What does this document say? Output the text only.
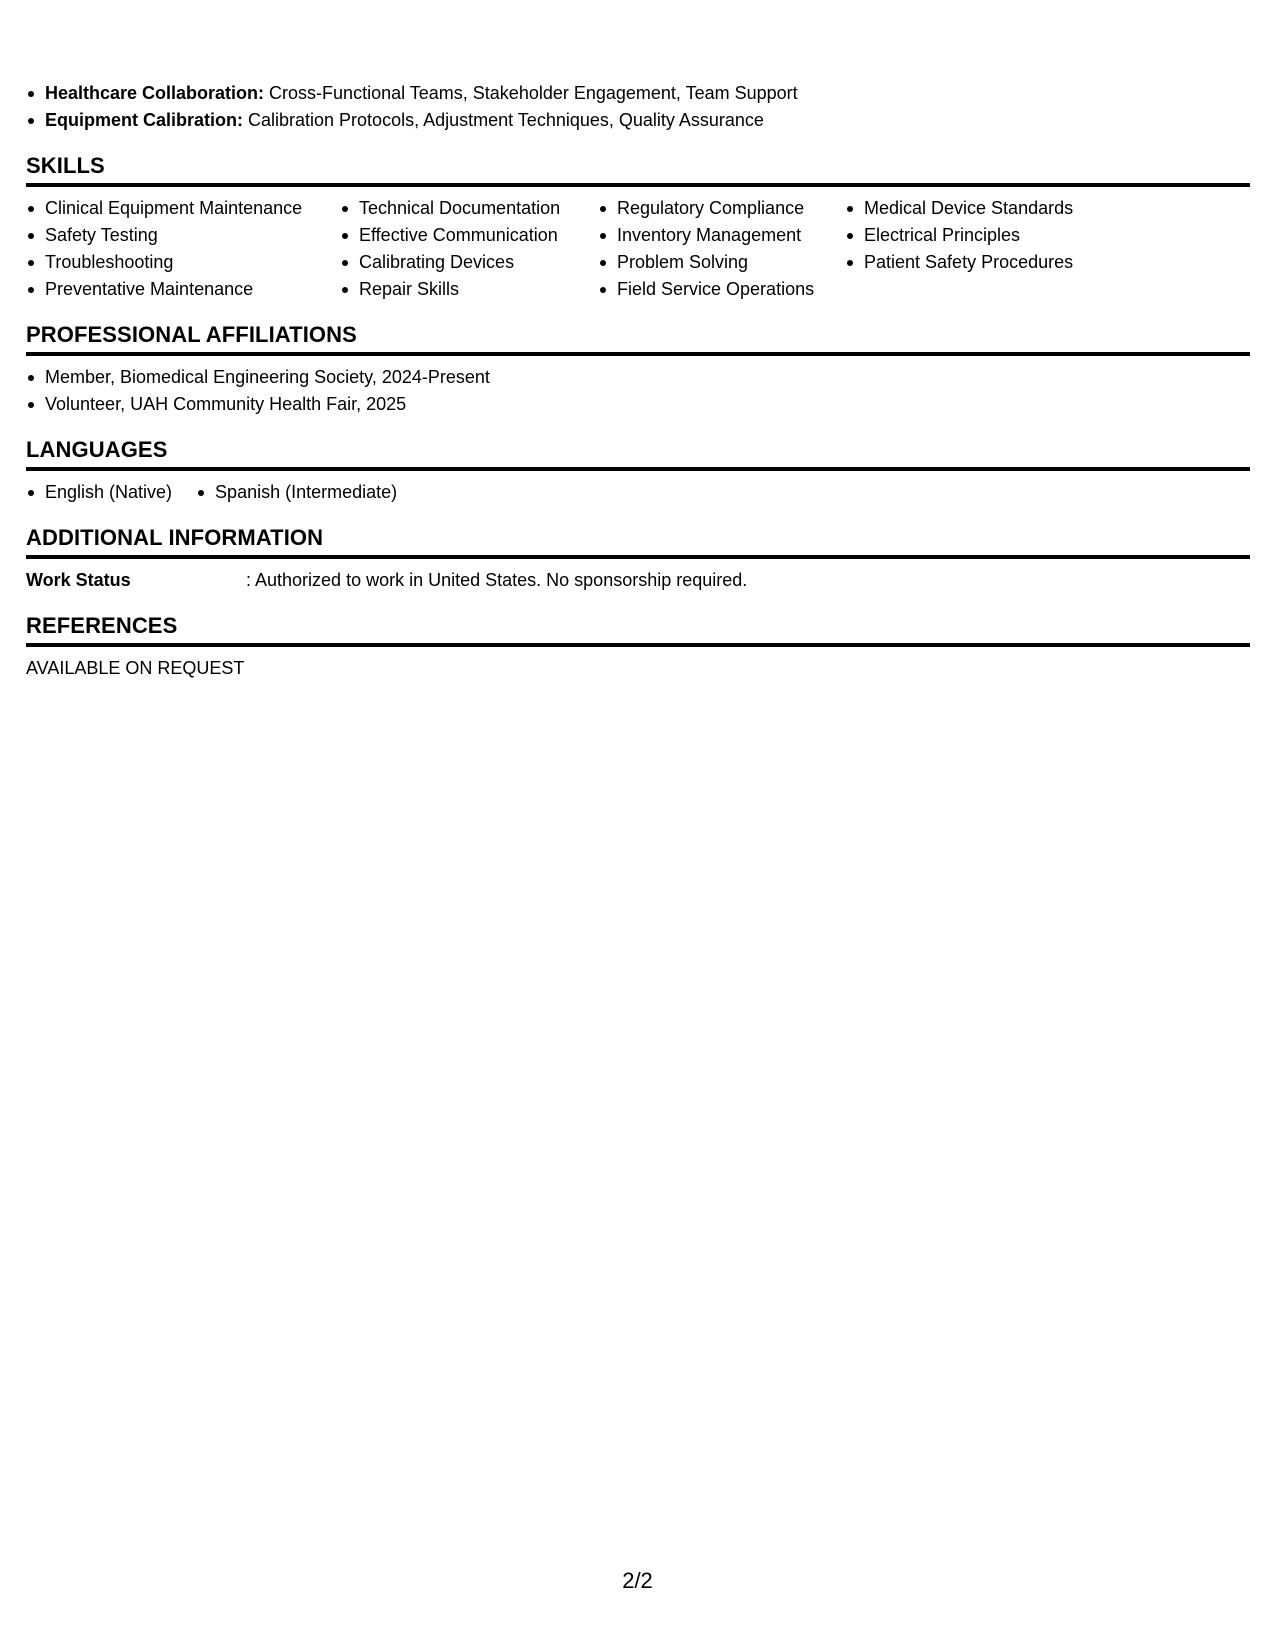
Healthcare Collaboration: Cross-Functional Teams, Stakeholder Engagement, Team Support
Equipment Calibration: Calibration Protocols, Adjustment Techniques, Quality Assurance
SKILLS
Clinical Equipment Maintenance
Safety Testing
Troubleshooting
Preventative Maintenance
Technical Documentation
Effective Communication
Calibrating Devices
Repair Skills
Regulatory Compliance
Inventory Management
Problem Solving
Field Service Operations
Medical Device Standards
Electrical Principles
Patient Safety Procedures
PROFESSIONAL AFFILIATIONS
Member, Biomedical Engineering Society, 2024-Present
Volunteer, UAH Community Health Fair, 2025
LANGUAGES
English (Native)	Spanish (Intermediate)
ADDITIONAL INFORMATION
Work Status	: Authorized to work in United States. No sponsorship required.
REFERENCES
AVAILABLE ON REQUEST
2/2
